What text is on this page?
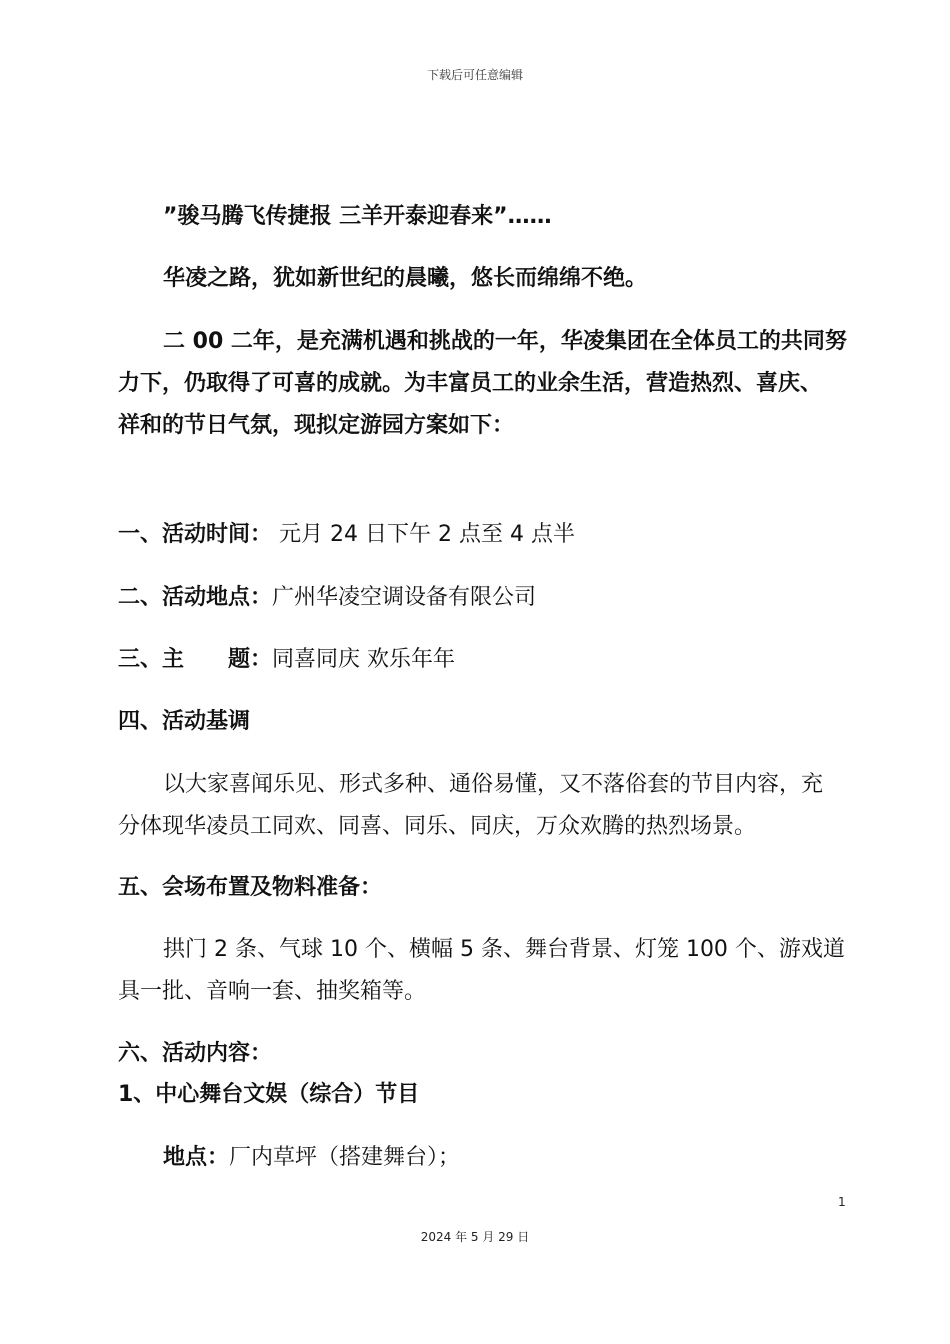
下载后可任意编辑
”骏马腾飞传捷报 三羊开泰迎春来”……
华凌之路，犹如新世纪的晨曦，悠长而绵绵不绝。
二 00 二年，是充满机遇和挑战的一年，华凌集团在全体员工的共同努
力下，仍取得了可喜的成就。为丰富员工的业余生活，营造热烈、喜庆、
祥和的节日气氛，现拟定游园方案如下：
一、活动时间： 元月 24 日下午 2 点至 4 点半
二、活动地点：广州华凌空调设备有限公司
三、主 题：同喜同庆 欢乐年年
四、活动基调
以大家喜闻乐见、形式多种、通俗易懂，又不落俗套的节目内容，充
分体现华凌员工同欢、同喜、同乐、同庆，万众欢腾的热烈场景。
五、会场布置及物料准备：
拱门 2 条、气球 10 个、横幅 5 条、舞台背景、灯笼 100 个、游戏道
具一批、音响一套、抽奖箱等。
六、活动内容：
1、中心舞台文娱（综合）节目
地点：厂内草坪（搭建舞台）；
1
2024 年 5 月 29 日
